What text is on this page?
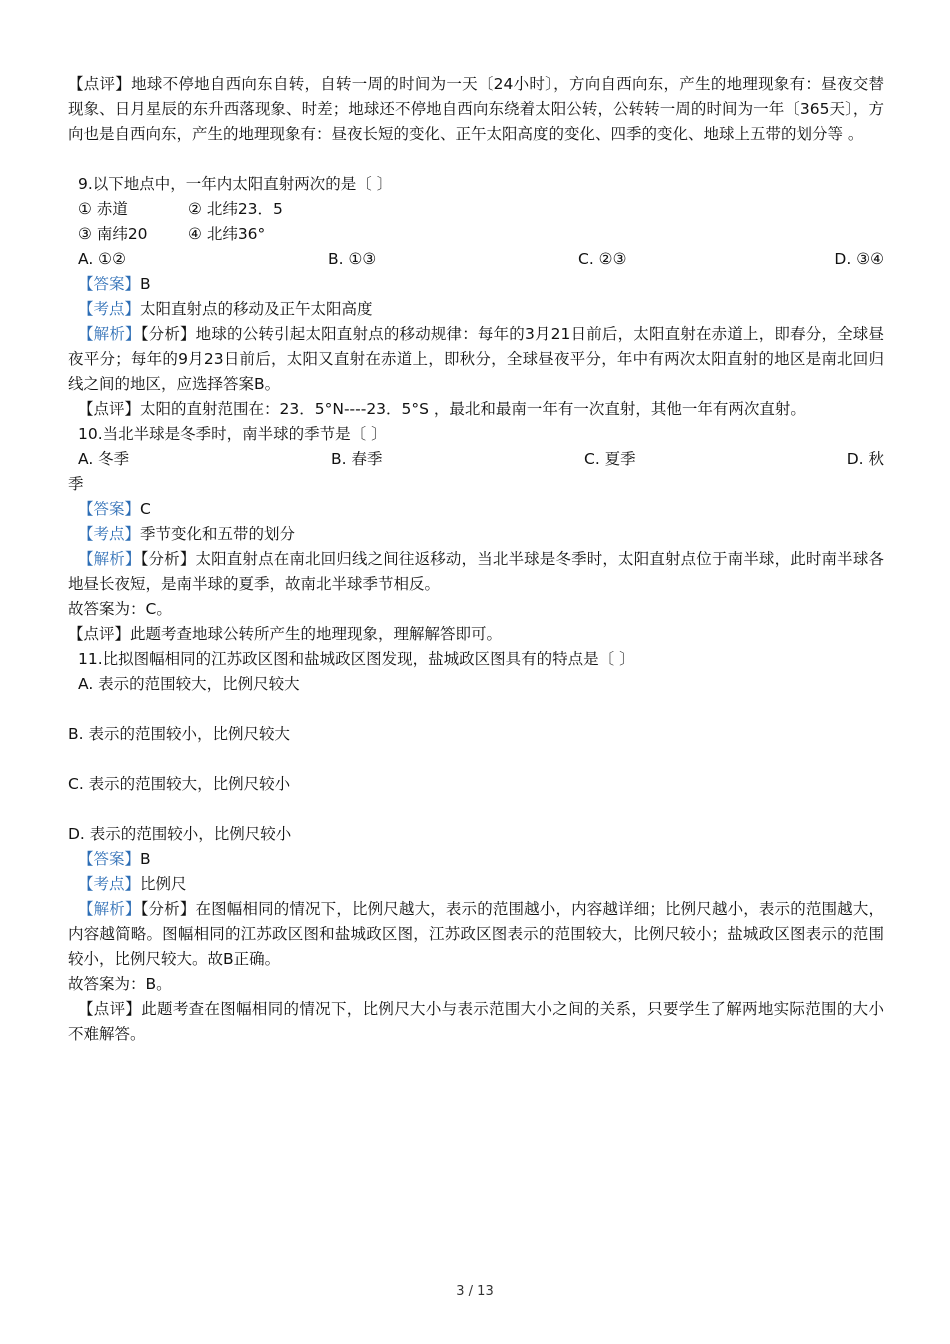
【点评】地球不停地自西向东自转，自转一周的时间为一天〔24小时〕，方向自西向东，产生的地理现象有：昼夜交替现象、日月星辰的东升西落现象、时差；地球还不停地自西向东绕着太阳公转，公转转一周的时间为一年〔365天〕，方向也是自西向东，产生的地理现象有：昼夜长短的变化、正午太阳高度的变化、四季的变化、地球上五带的划分等 。
9.以下地点中，一年内太阳直射两次的是〔 〕
① 赤道	② 北纬23．5
③ 南纬20	④ 北纬36°
A. ①②	B. ①③	C. ②③	D. ③④
【答案】B
【考点】太阳直射点的移动及正午太阳高度
【解析】【分析】地球的公转引起太阳直射点的移动规律：每年的3月21日前后，太阳直射在赤道上，即春分，全球昼夜平分；每年的9月23日前后，太阳又直射在赤道上，即秋分，全球昼夜平分，年中有两次太阳直射的地区是南北回归线之间的地区，应选择答案B。
【点评】太阳的直射范围在：23．5°N----23．5°S ，最北和最南一年有一次直射，其他一年有两次直射。
10.当北半球是冬季时，南半球的季节是〔 〕
A. 冬季	B. 春季	C. 夏季	D. 秋
季
【答案】C
【考点】季节变化和五带的划分
【解析】【分析】太阳直射点在南北回归线之间往返移动，当北半球是冬季时，太阳直射点位于南半球，此时南半球各地昼长夜短，是南半球的夏季，故南北半球季节相反。
故答案为：C。
【点评】此题考查地球公转所产生的地理现象，理解解答即可。
11.比拟图幅相同的江苏政区图和盐城政区图发现，盐城政区图具有的特点是〔 〕
A. 表示的范围较大，比例尺较大
B. 表示的范围较小，比例尺较大
C. 表示的范围较大，比例尺较小
D. 表示的范围较小，比例尺较小
【答案】B
【考点】比例尺
【解析】【分析】在图幅相同的情况下，比例尺越大，表示的范围越小，内容越详细；比例尺越小，表示的范围越大，内容越简略。图幅相同的江苏政区图和盐城政区图，江苏政区图表示的范围较大，比例尺较小；盐城政区图表示的范围较小，比例尺较大。故B正确。
故答案为：B。
【点评】此题考查在图幅相同的情况下，比例尺大小与表示范围大小之间的关系，只要学生了解两地实际范围的大小不难解答。
3 / 13
